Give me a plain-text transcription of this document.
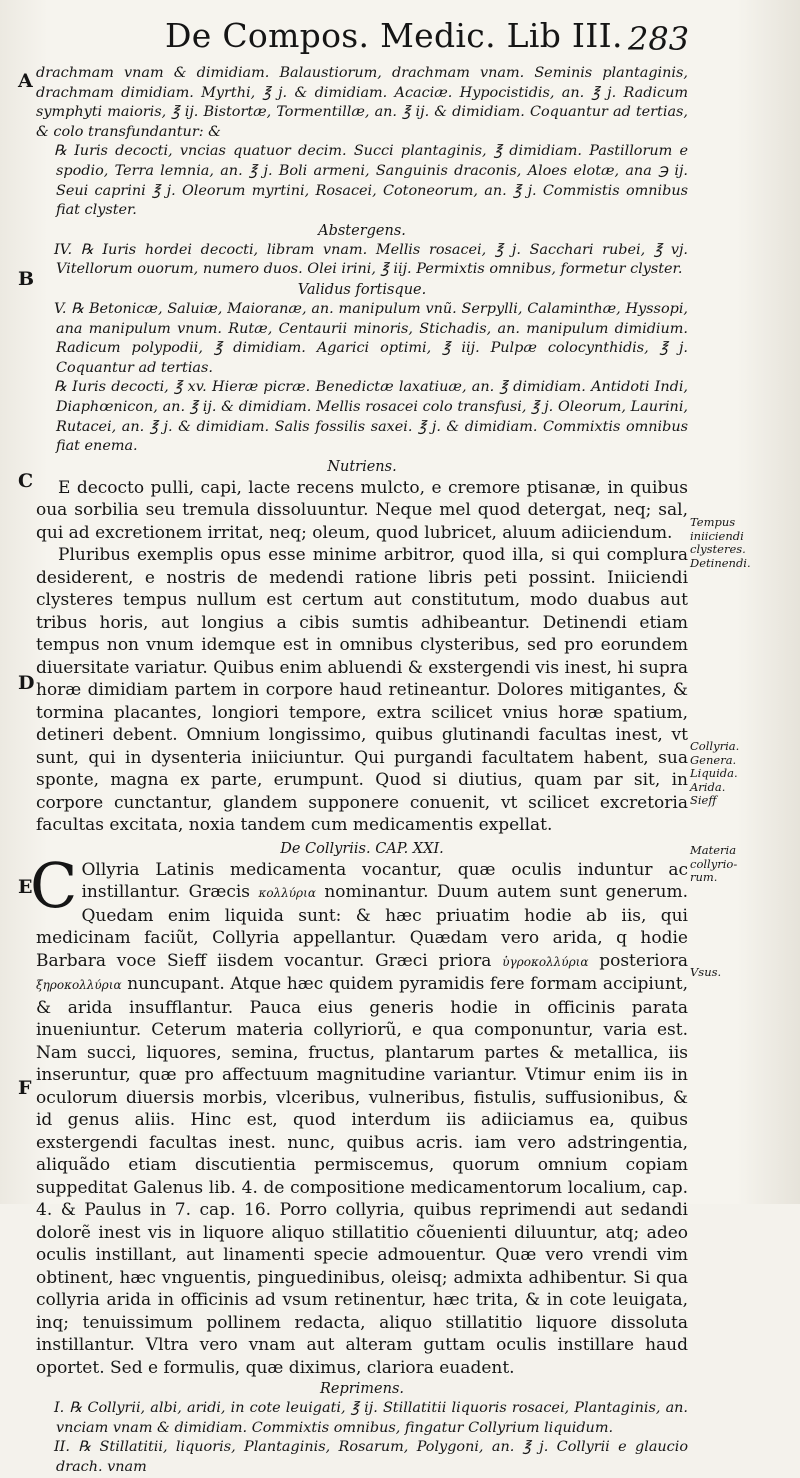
De Compos. Medic. Lib III. 283
A
B
C
D
E
F
Tempus
iniiciendi
clysteres.
Detinendi.
Collyria.
Genera.
Liquida.
Arida.
Sieff
Materia
collyrio-
rum.
Vsus.

drachmam vnam & dimidiam. Balaustiorum, drachmam vnam. Seminis plantaginis, drachmam dimidiam. Myrthi, ℥ j. & dimidiam. Acaciæ. Hypocistidis, an. ℥ j. Radicum symphyti maioris, ℥ ij. Bistortæ, Tormentillæ, an. ℥ ij. & dimidiam. Coquantur ad tertias, & colo transfundantur: &

℞ Iuris decocti, vncias quatuor decim. Succi plantaginis, ℥ dimidiam. Pastillorum e spodio, Terra lemnia, an. ℥ j. Boli armeni, Sanguinis draconis, Aloes elotæ, ana ℈ ij. Seui caprini ℥ j. Oleorum myrtini, Rosacei, Cotoneorum, an. ℥ j. Commistis omnibus fiat clyster.

Abstergens.

IV. ℞ Iuris hordei decocti, libram vnam. Mellis rosacei, ℥ j. Sacchari rubei, ℥ vj. Vitellorum ouorum, numero duos. Olei irini, ℥ iij. Permixtis omnibus, formetur clyster.

Validus fortisque.

V. ℞ Betonicæ, Saluiæ, Maioranæ, an. manipulum vnũ. Serpylli, Calaminthæ, Hyssopi, ana manipulum vnum. Rutæ, Centaurii minoris, Stichadis, an. manipulum dimidium. Radicum polypodii, ℥ dimidiam. Agarici optimi, ℥ iij. Pulpæ colocynthidis, ℥ j. Coquantur ad tertias.

℞ Iuris decocti, ℥ xv. Hieræ picræ. Benedictæ laxatiuæ, an. ℥ dimidiam. Antidoti Indi, Diaphœnicon, an. ℥ ij. & dimidiam. Mellis rosacei colo transfusi, ℥ j. Oleorum, Laurini, Rutacei, an. ℥ j. & dimidiam. Salis fossilis saxei. ℥ j. & dimidiam. Commixtis omnibus fiat enema.

Nutriens.

E decocto pulli, capi, lacte recens mulcto, e cremore ptisanæ, in quibus oua sorbilia seu tremula dissoluuntur. Neque mel quod detergat, neq; sal, qui ad excretionem irritat, neq; oleum, quod lubricet, aluum adiiciendum.

Pluribus exemplis opus esse minime arbitror, quod illa, si qui complura desiderent, e nostris de medendi ratione libris peti possint. Iniiciendi clysteres tempus nullum est certum aut constitutum, modo duabus aut tribus horis, aut longius a cibis sumtis adhibeantur. Detinendi etiam tempus non vnum idemque est in omnibus clysteribus, sed pro eorundem diuersitate variatur. Quibus enim abluendi & exstergendi vis inest, hi supra horæ dimidiam partem in corpore haud retineantur. Dolores mitigantes, & tormina placantes, longiori tempore, extra scilicet vnius horæ spatium, detineri debent. Omnium longissimo, quibus glutinandi facultas inest, vt sunt, qui in dysenteria iniiciuntur. Qui purgandi facultatem habent, sua sponte, magna ex parte, erumpunt. Quod si diutius, quam par sit, in corpore cunctantur, glandem supponere conuenit, vt scilicet excretoria facultas excitata, noxia tandem cum medicamentis expellat.

De Collyriis. CAP. XXI.

C Ollyria Latinis medicamenta vocantur, quæ oculis induntur ac instillantur. Græcis κολλύρια nominantur. Duum autem sunt generum. Quedam enim liquida sunt: & hæc priuatim hodie ab iis, qui medicinam faciũt, Collyria appellantur. Quædam vero arida, q hodie Barbara voce Sieff iisdem vocantur. Græci priora ὑγροκολλύρια posteriora ξηροκολλύρια nuncupant. Atque hæc quidem pyramidis fere formam accipiunt, & arida insufflantur. Pauca eius generis hodie in officinis parata inueniuntur. Ceterum materia collyriorũ, e qua componuntur, varia est. Nam succi, liquores, semina, fructus, plantarum partes & metallica, iis inseruntur, quæ pro affectuum magnitudine variantur. Vtimur enim iis in oculorum diuersis morbis, vlceribus, vulneribus, fistulis, suffusionibus, & id genus aliis. Hinc est, quod interdum iis adiiciamus ea, quibus exstergendi facultas inest. nunc, quibus acris. iam vero adstringentia, aliquãdo etiam discutientia permiscemus, quorum omnium copiam suppeditat Galenus lib. 4. de compositione medicamentorum localium, cap. 4. & Paulus in 7. cap. 16. Porro collyria, quibus reprimendi aut sedandi dolorẽ inest vis in liquore aliquo stillatitio cõuenienti diluuntur, atq; adeo oculis instillant, aut linamenti specie admouentur. Quæ vero vrendi vim obtinent, hæc vnguentis, pinguedinibus, oleisq; admixta adhibentur. Si qua collyria arida in officinis ad vsum retinentur, hæc trita, & in cote leuigata, inq; tenuissimum pollinem redacta, aliquo stillatitio liquore dissoluta instillantur. Vltra vero vnam aut alteram guttam oculis instillare haud oportet. Sed e formulis, quæ diximus, clariora euadent.

Reprimens.

I. ℞ Collyrii, albi, aridi, in cote leuigati, ℥ ij. Stillatitii liquoris rosacei, Plantaginis, an. vnciam vnam & dimidiam. Commixtis omnibus, fingatur Collyrium liquidum.

II. ℞ Stillatitii, liquoris, Plantaginis, Rosarum, Polygoni, an. ℥ j. Collyrii e glaucio drach. vnam
